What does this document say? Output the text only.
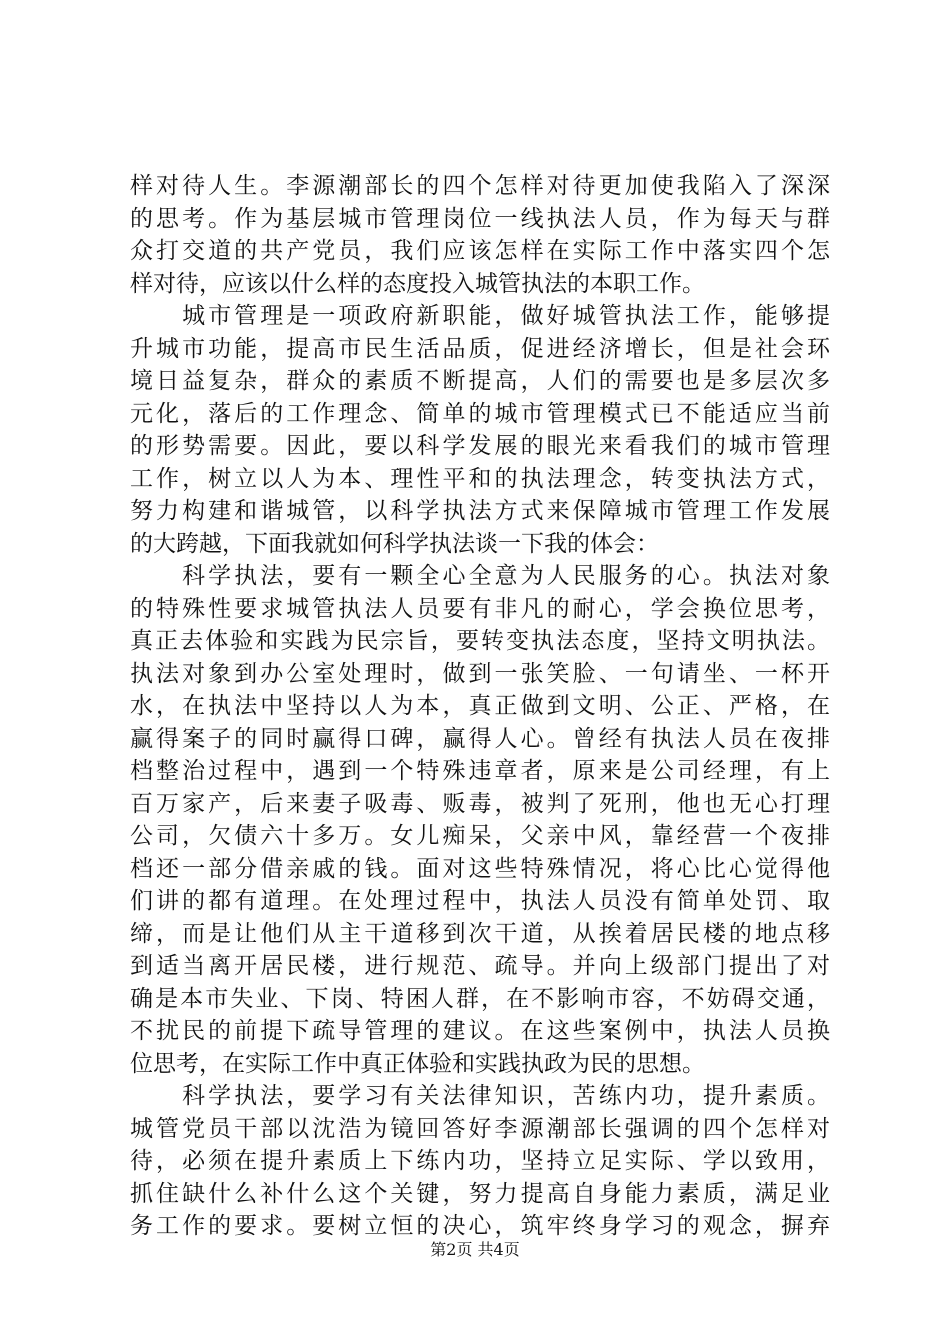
样对待人生。李源潮部长的四个怎样对待更加使我陷入了深深
的思考。作为基层城市管理岗位一线执法人员，作为每天与群
众打交道的共产党员，我们应该怎样在实际工作中落实四个怎
样对待，应该以什么样的态度投入城管执法的本职工作。
　　城市管理是一项政府新职能，做好城管执法工作，能够提
升城市功能，提高市民生活品质，促进经济增长，但是社会环
境日益复杂，群众的素质不断提高，人们的需要也是多层次多
元化，落后的工作理念、简单的城市管理模式已不能适应当前
的形势需要。因此，要以科学发展的眼光来看我们的城市管理
工作，树立以人为本、理性平和的执法理念，转变执法方式，
努力构建和谐城管，以科学执法方式来保障城市管理工作发展
的大跨越，下面我就如何科学执法谈一下我的体会：
　　科学执法，要有一颗全心全意为人民服务的心。执法对象
的特殊性要求城管执法人员要有非凡的耐心，学会换位思考，
真正去体验和实践为民宗旨，要转变执法态度，坚持文明执法。
执法对象到办公室处理时，做到一张笑脸、一句请坐、一杯开
水，在执法中坚持以人为本，真正做到文明、公正、严格，在
赢得案子的同时赢得口碑，赢得人心。曾经有执法人员在夜排
档整治过程中，遇到一个特殊违章者，原来是公司经理，有上
百万家产，后来妻子吸毒、贩毒，被判了死刑，他也无心打理
公司，欠债六十多万。女儿痴呆，父亲中风，靠经营一个夜排
档还一部分借亲戚的钱。面对这些特殊情况，将心比心觉得他
们讲的都有道理。在处理过程中，执法人员没有简单处罚、取
缔，而是让他们从主干道移到次干道，从挨着居民楼的地点移
到适当离开居民楼，进行规范、疏导。并向上级部门提出了对
确是本市失业、下岗、特困人群，在不影响市容，不妨碍交通，
不扰民的前提下疏导管理的建议。在这些案例中，执法人员换
位思考，在实际工作中真正体验和实践执政为民的思想。
　　科学执法，要学习有关法律知识，苦练内功，提升素质。
城管党员干部以沈浩为镜回答好李源潮部长强调的四个怎样对
待，必须在提升素质上下练内功，坚持立足实际、学以致用，
抓住缺什么补什么这个关键，努力提高自身能力素质，满足业
务工作的要求。要树立恒的决心，筑牢终身学习的观念，摒弃
第2页 共4页
